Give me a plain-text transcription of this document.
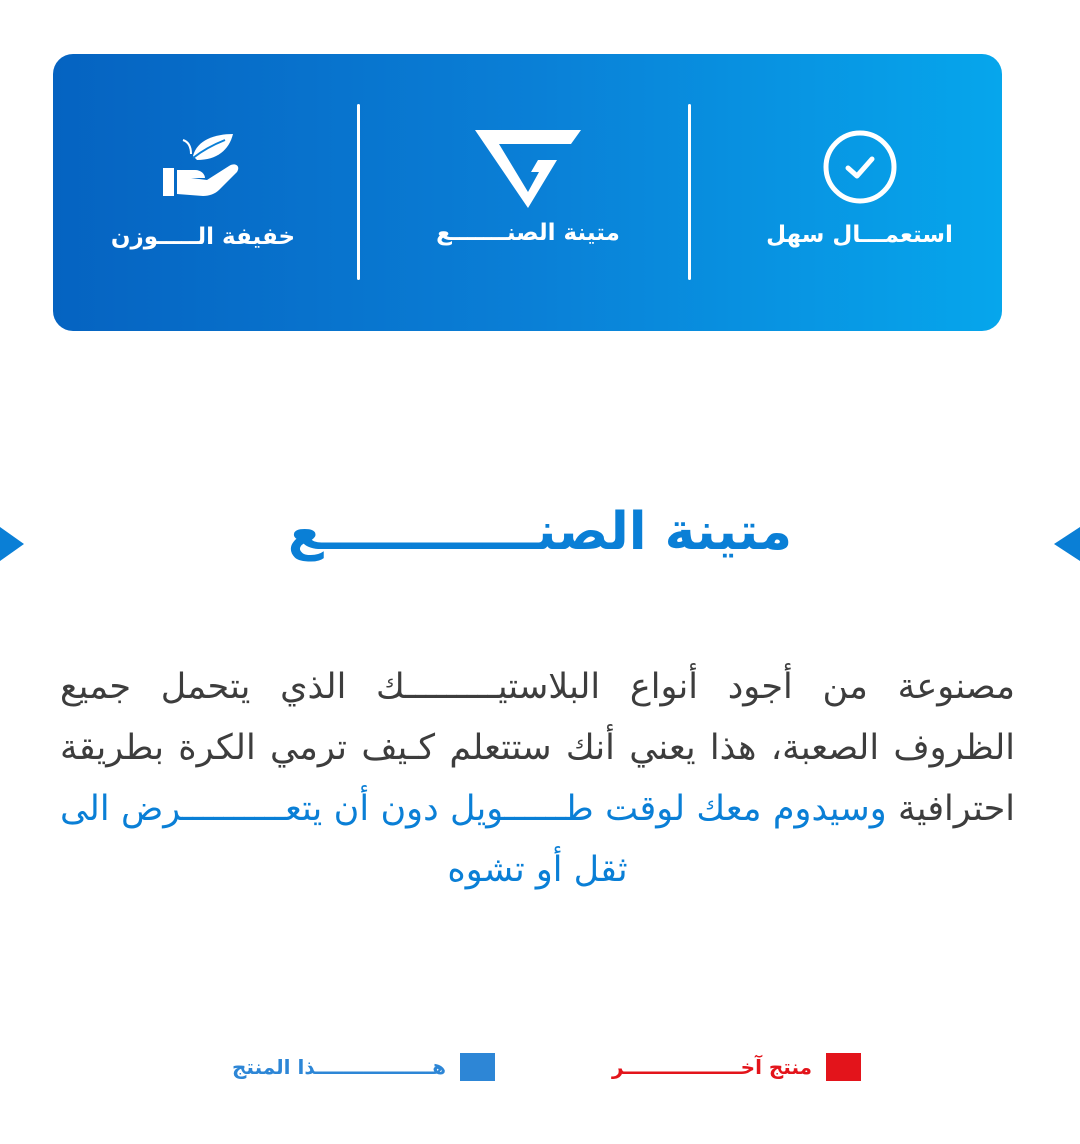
استعمـــال سهل
متينة الصنـــــــع
خفيفة الـــــوزن
متينة الصنــــــــــــع
مصنوعة من أجود أنواع البلاستيـــــــــك الذي يتحمل جميع الظروف الصعبة، هذا يعني أنك ستتعلم كـيف ترمي الكرة بطريقة احترافية وسيدوم معك لوقت طــــــويل دون أن يتعــــــــــرض الى ثقل أو تشوه
منتج آخـــــــــــــــــر
هـــــــــــــــــذا المنتج
